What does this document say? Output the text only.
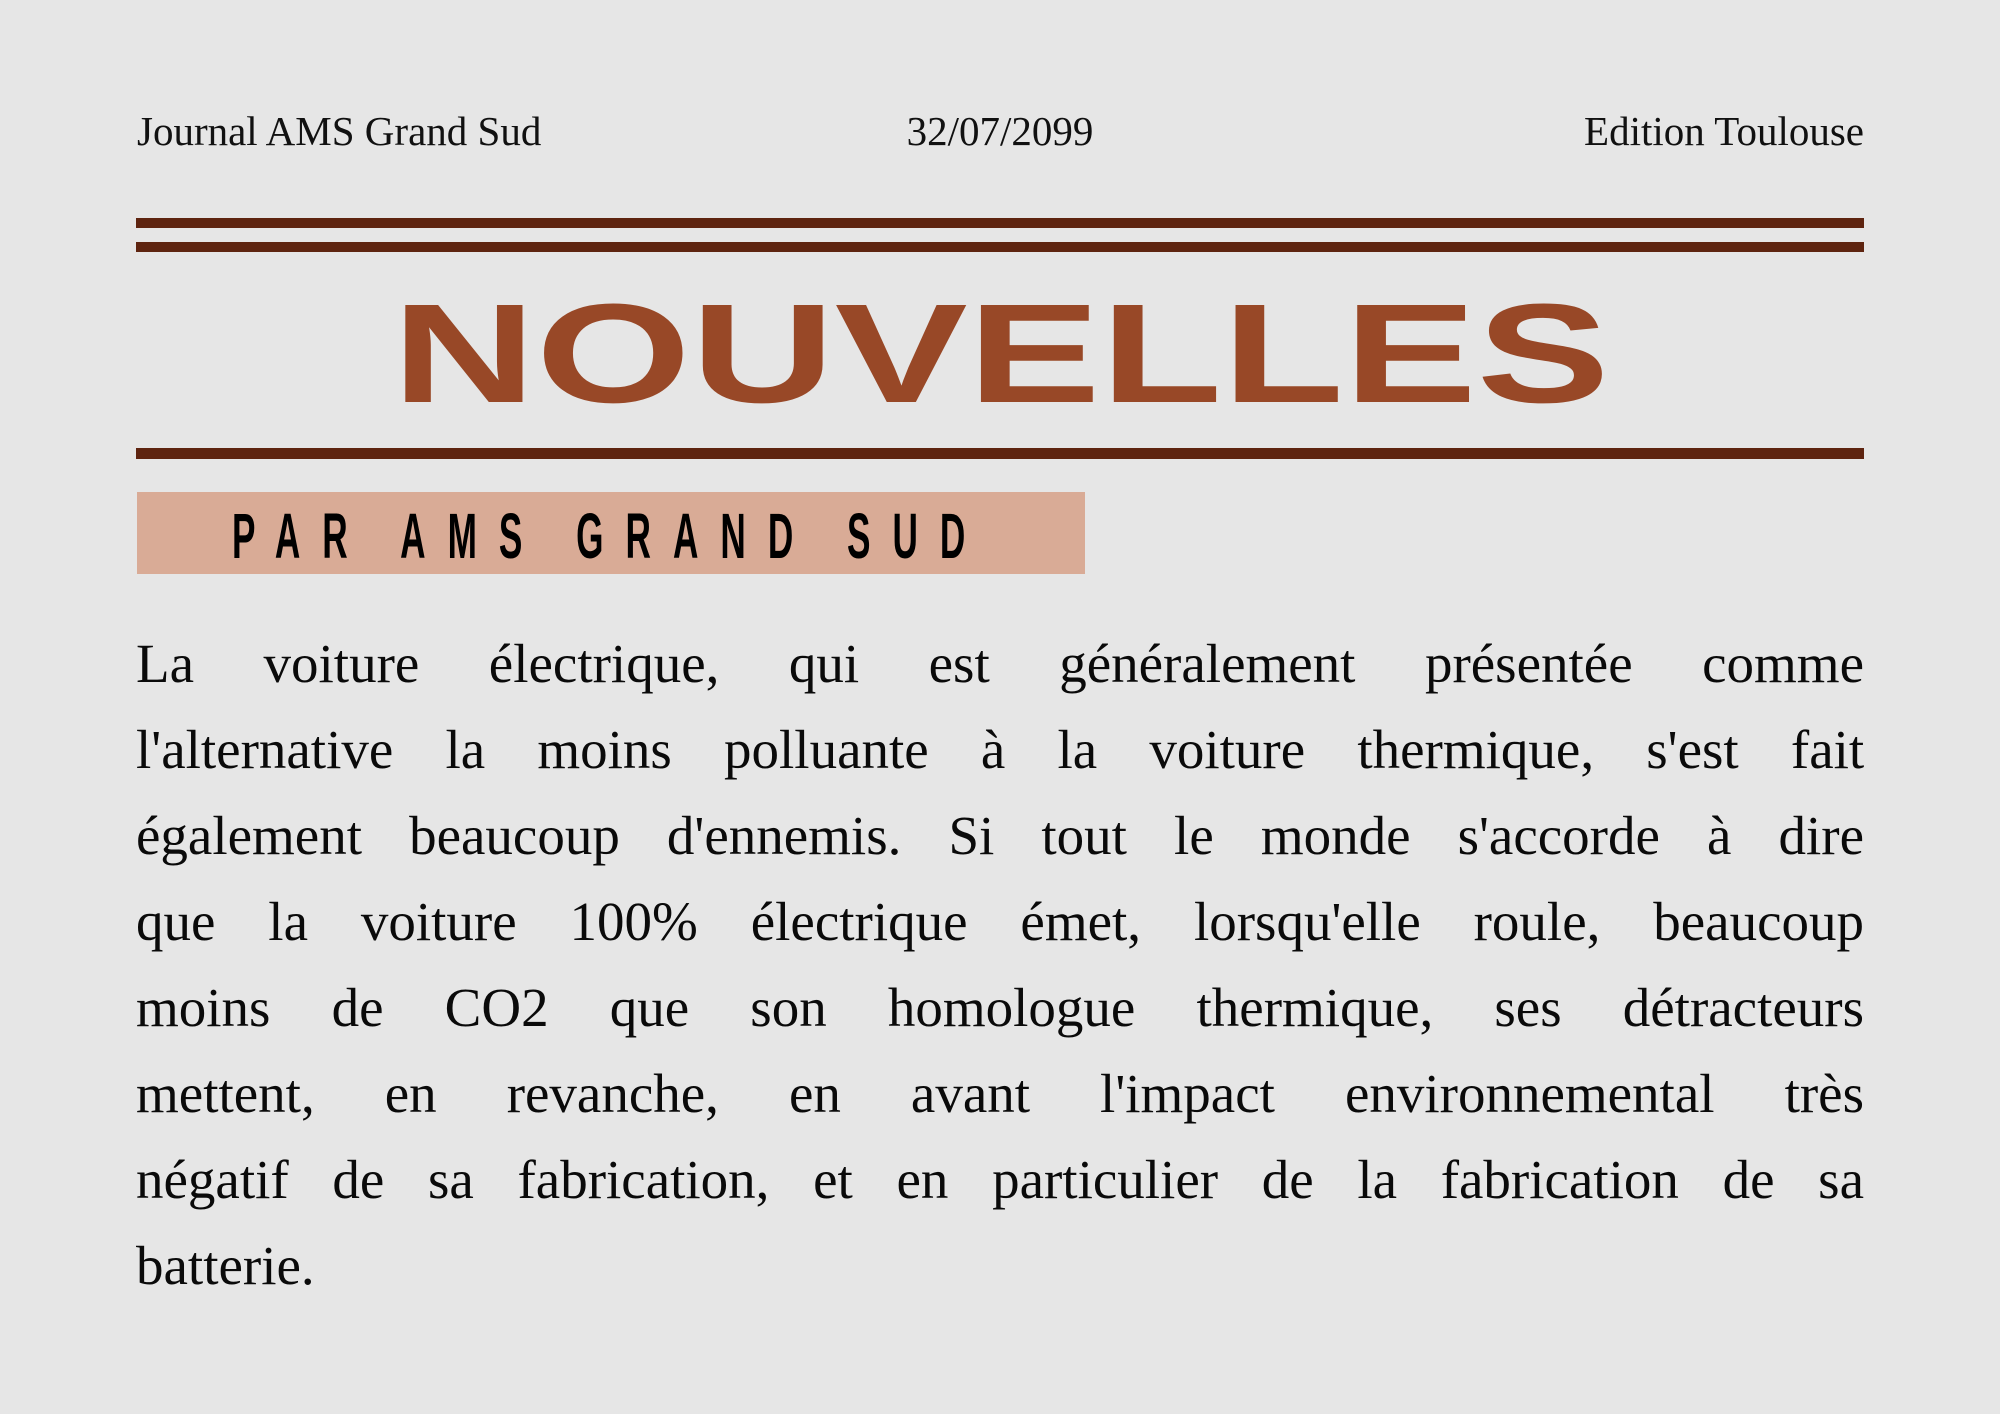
Journal AMS Grand Sud	32/07/2099	Edition Toulouse
NOUVELLES
PAR AMS GRAND SUD
La voiture électrique, qui est généralement présentée comme
l'alternative la moins polluante à la voiture thermique, s'est fait
également beaucoup d'ennemis. Si tout le monde s'accorde à dire
que la voiture 100% électrique émet, lorsqu'elle roule, beaucoup
moins de CO2 que son homologue thermique, ses détracteurs
mettent, en revanche, en avant l'impact environnemental très
négatif de sa fabrication, et en particulier de la fabrication de sa
batterie.
